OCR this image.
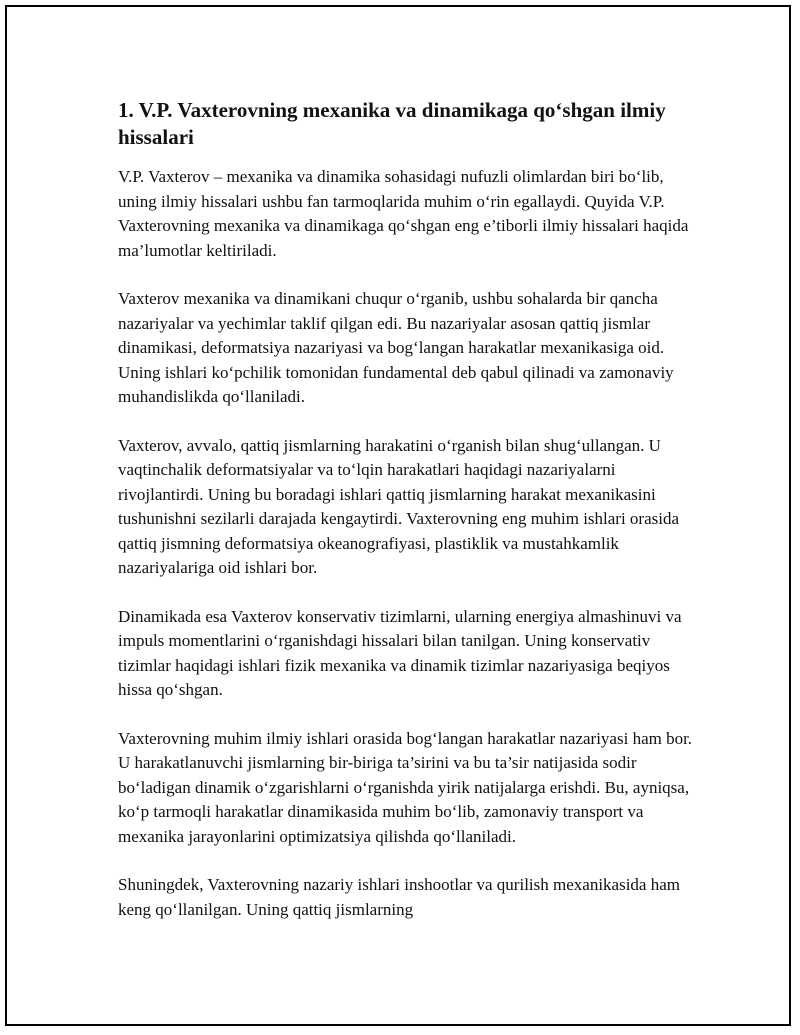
1. V.P. Vaxterovning mexanika va dinamikaga qo‘shgan ilmiy hissalari

V.P. Vaxterov – mexanika va dinamika sohasidagi nufuzli olimlardan biri bo‘lib, uning ilmiy hissalari ushbu fan tarmoqlarida muhim o‘rin egallaydi. Quyida V.P. Vaxterovning mexanika va dinamikaga qo‘shgan eng e’tiborli ilmiy hissalari haqida ma’lumotlar keltiriladi.

Vaxterov mexanika va dinamikani chuqur o‘rganib, ushbu sohalarda bir qancha nazariyalar va yechimlar taklif qilgan edi. Bu nazariyalar asosan qattiq jismlar dinamikasi, deformatsiya nazariyasi va bog‘langan harakatlar mexanikasiga oid. Uning ishlari ko‘pchilik tomonidan fundamental deb qabul qilinadi va zamonaviy muhandislikda qo‘llaniladi.

Vaxterov, avvalo, qattiq jismlarning harakatini o‘rganish bilan shug‘ullangan. U vaqtinchalik deformatsiyalar va to‘lqin harakatlari haqidagi nazariyalarni rivojlantirdi. Uning bu boradagi ishlari qattiq jismlarning harakat mexanikasini tushunishni sezilarli darajada kengaytirdi. Vaxterovning eng muhim ishlari orasida qattiq jismning deformatsiya okeanografiyasi, plastiklik va mustahkamlik nazariyalariga oid ishlari bor.

Dinamikada esa Vaxterov konservativ tizimlarni, ularning energiya almashinuvi va impuls momentlarini o‘rganishdagi hissalari bilan tanilgan. Uning konservativ tizimlar haqidagi ishlari fizik mexanika va dinamik tizimlar nazariyasiga beqiyos hissa qo‘shgan.

Vaxterovning muhim ilmiy ishlari orasida bog‘langan harakatlar nazariyasi ham bor. U harakatlanuvchi jismlarning bir-biriga ta’sirini va bu ta’sir natijasida sodir bo‘ladigan dinamik o‘zgarishlarni o‘rganishda yirik natijalarga erishdi. Bu, ayniqsa, ko‘p tarmoqli harakatlar dinamikasida muhim bo‘lib, zamonaviy transport va mexanika jarayonlarini optimizatsiya qilishda qo‘llaniladi.

Shuningdek, Vaxterovning nazariy ishlari inshootlar va qurilish mexanikasida ham keng qo‘llanilgan. Uning qattiq jismlarning
